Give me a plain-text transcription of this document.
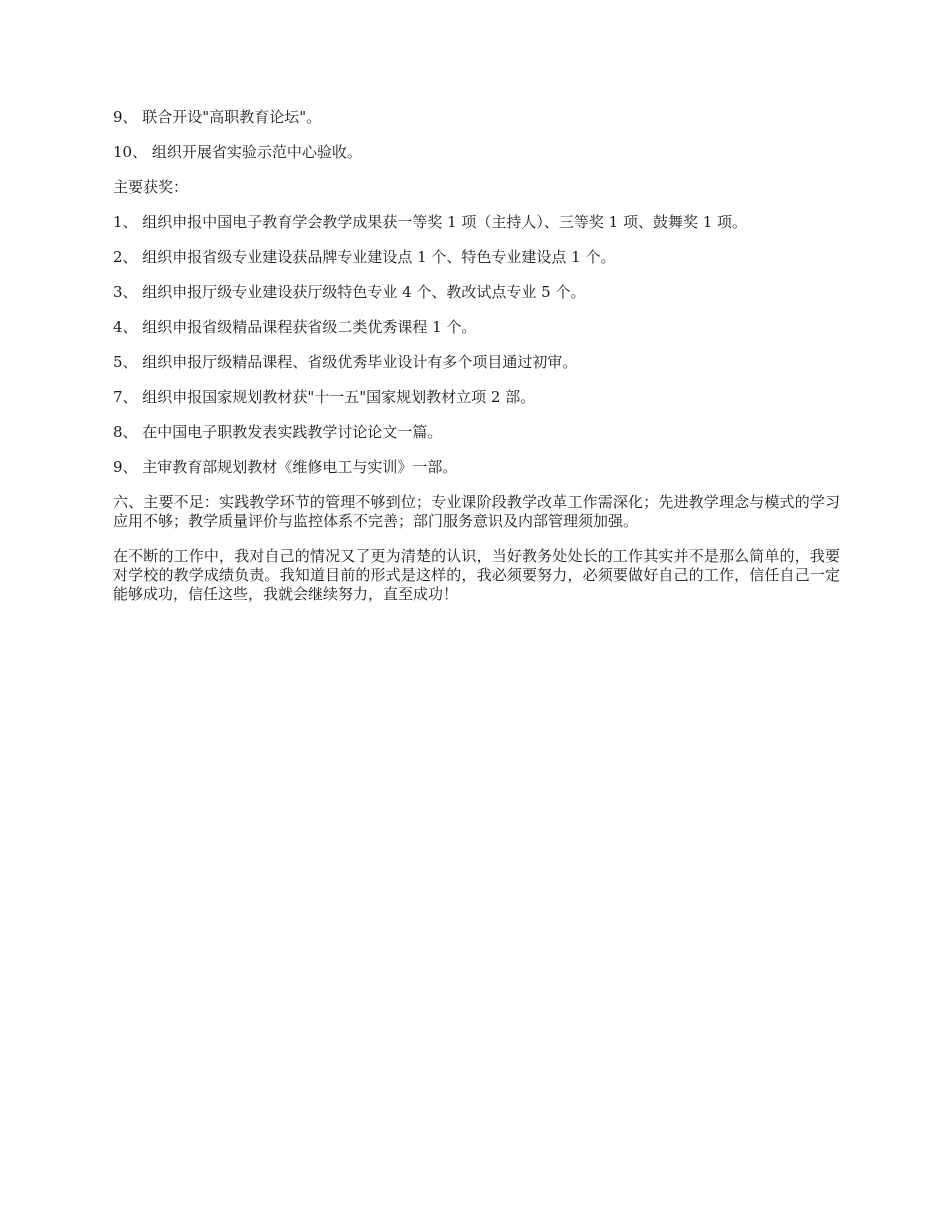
9、 联合开设"高职教育论坛"。

10、 组织开展省实验示范中心验收。

主要获奖：

1、 组织申报中国电子教育学会教学成果获一等奖 1 项（主持人）、三等奖 1 项、鼓舞奖 1 项。

2、 组织申报省级专业建设获品牌专业建设点 1 个、特色专业建设点 1 个。

3、 组织申报厅级专业建设获厅级特色专业 4 个、教改试点专业 5 个。

4、 组织申报省级精品课程获省级二类优秀课程 1 个。

5、 组织申报厅级精品课程、省级优秀毕业设计有多个项目通过初审。

7、 组织申报国家规划教材获"十一五"国家规划教材立项 2 部。

8、 在中国电子职教发表实践教学讨论论文一篇。

9、 主审教育部规划教材《维修电工与实训》一部。

六、主要不足：实践教学环节的管理不够到位；专业课阶段教学改革工作需深化；先进教学理念与模式的学习应用不够；教学质量评价与监控体系不完善；部门服务意识及内部管理须加强。

在不断的工作中，我对自己的情况又了更为清楚的认识，当好教务处处长的工作其实并不是那么简单的，我要对学校的教学成绩负责。我知道目前的形式是这样的，我必须要努力，必须要做好自己的工作，信任自己一定能够成功，信任这些，我就会继续努力，直至成功！
